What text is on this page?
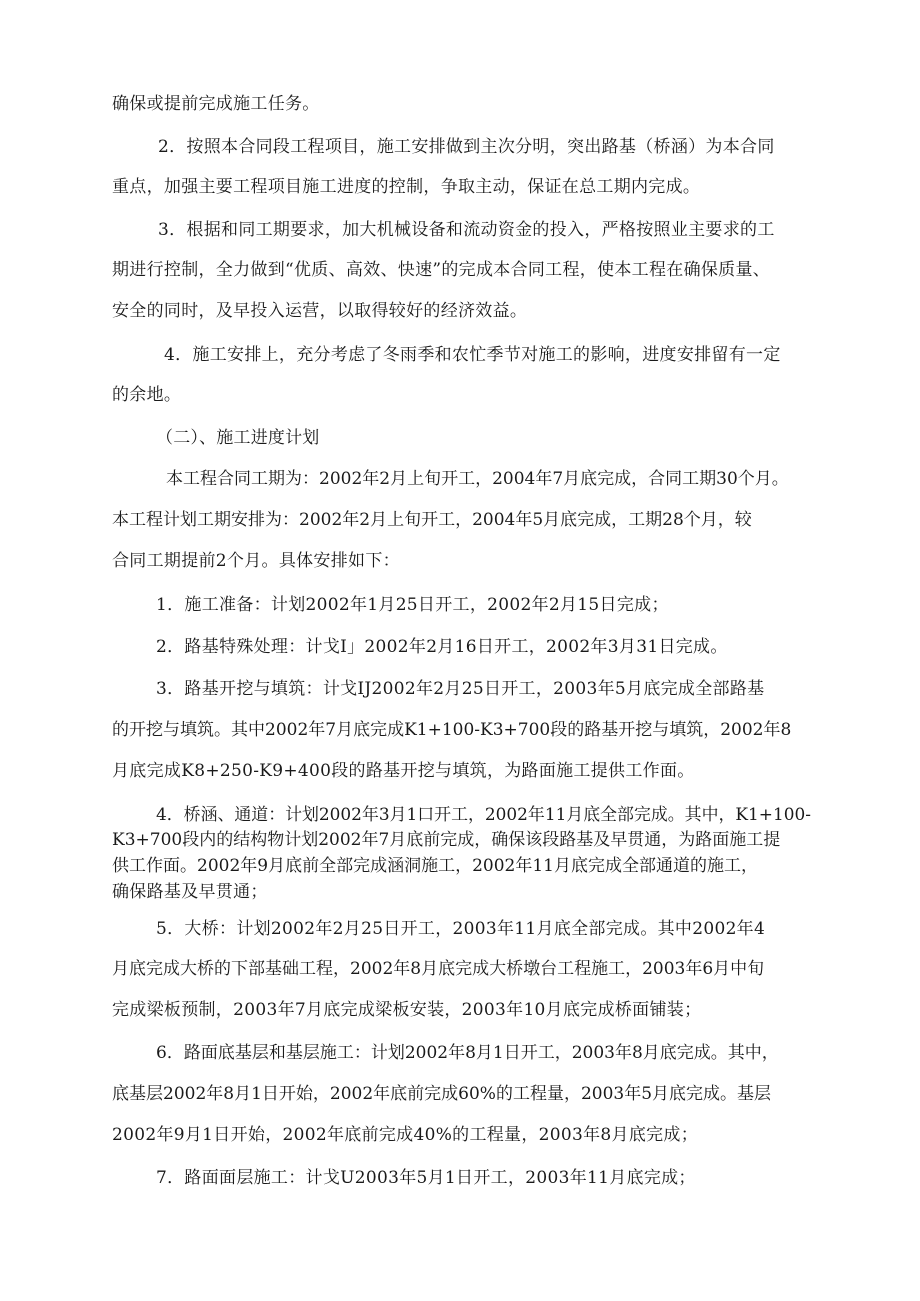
确保或提前完成施工任务。
2．按照本合同段工程项目，施工安排做到主次分明，突出路基（桥涵）为本合同
重点，加强主要工程项目施工进度的控制，争取主动，保证在总工期内完成。
3．根据和同工期要求，加大机械设备和流动资金的投入，严格按照业主要求的工
期进行控制，全力做到“优质、高效、快速”的完成本合同工程，使本工程在确保质量、
安全的同时，及早投入运营，以取得较好的经济效益。
4．施工安排上，充分考虑了冬雨季和农忙季节对施工的影响，进度安排留有一定
的余地。
（二）、施工进度计划
本工程合同工期为：2002年2月上旬开工，2004年7月底完成，合同工期30个月。
本工程计划工期安排为：2002年2月上旬开工，2004年5月底完成，工期28个月，较
合同工期提前2个月。具体安排如下：
1．施工准备：计划2002年1月25日开工，2002年2月15日完成；
2．路基特殊处理：计戈I」2002年2月16日开工，2002年3月31日完成。
3．路基开挖与填筑：计戈IJ2002年2月25日开工，2003年5月底完成全部路基
的开挖与填筑。其中2002年7月底完成K1+100-K3+700段的路基开挖与填筑，2002年8
月底完成K8+250-K9+400段的路基开挖与填筑，为路面施工提供工作面。
4．桥涵、通道：计划2002年3月1口开工，2002年11月底全部完成。其中，K1+100-
K3+700段内的结构物计划2002年7月底前完成，确保该段路基及早贯通，为路面施工提
供工作面。2002年9月底前全部完成涵洞施工，2002年11月底完成全部通道的施工，
确保路基及早贯通；
5．大桥：计划2002年2月25日开工，2003年11月底全部完成。其中2002年4
月底完成大桥的下部基础工程，2002年8月底完成大桥墩台工程施工，2003年6月中旬
完成梁板预制，2003年7月底完成梁板安装，2003年10月底完成桥面铺装；
6．路面底基层和基层施工：计划2002年8月1日开工，2003年8月底完成。其中，
底基层2002年8月1日开始，2002年底前完成60%的工程量，2003年5月底完成。基层
2002年9月1日开始，2002年底前完成40%的工程量，2003年8月底完成；
7．路面面层施工：计戈U2003年5月1日开工，2003年11月底完成；
